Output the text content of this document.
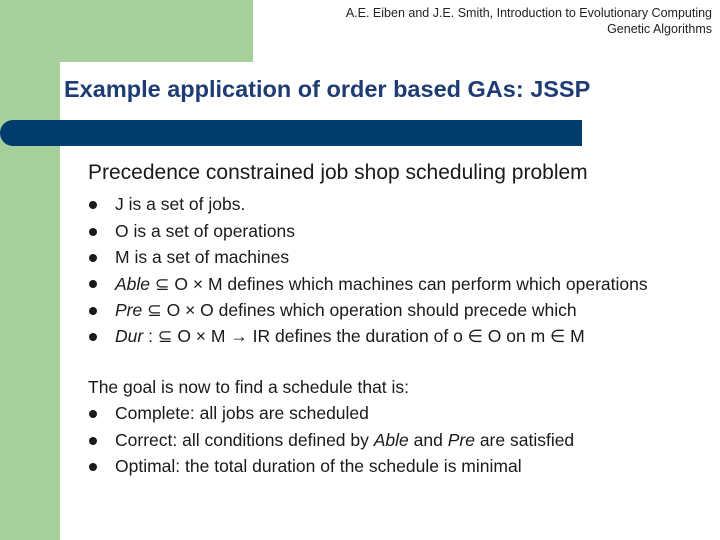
A.E. Eiben and J.E. Smith, Introduction to Evolutionary Computing
Genetic Algorithms
Example application of order based GAs: JSSP
Precedence constrained job shop scheduling problem
J is a set of jobs.
O is a set of operations
M is a set of machines
Able ⊆ O × M defines which machines can perform which operations
Pre ⊆ O × O defines which operation should precede which
Dur : ⊆ O × M → IR defines the duration of o ∈ O on m ∈ M
The goal is now to find a schedule that is:
Complete: all jobs are scheduled
Correct: all conditions defined by Able and Pre are satisfied
Optimal: the total duration of the schedule is minimal
